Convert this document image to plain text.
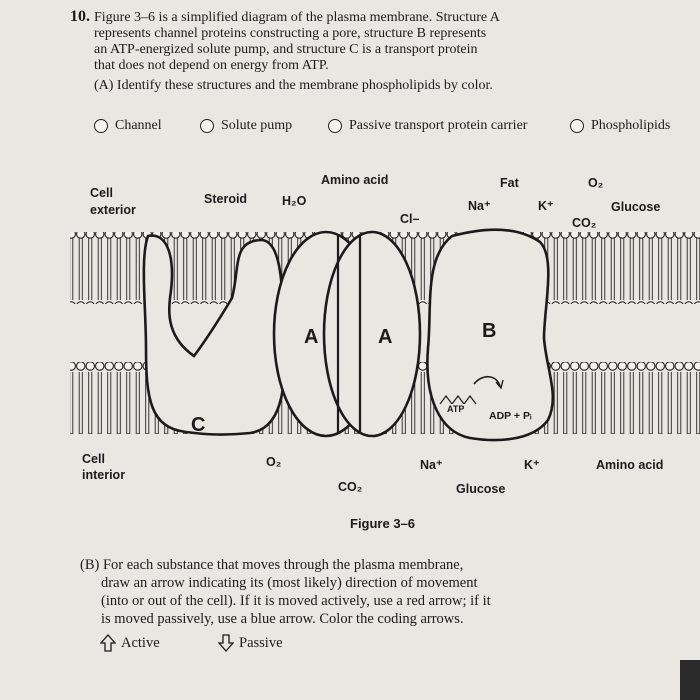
10. Figure 3–6 is a simplified diagram of the plasma membrane. Structure A
represents channel proteins constructing a pore, structure B represents
an ATP-energized solute pump, and structure C is a transport protein
that does not depend on energy from ATP.
(A) Identify these structures and the membrane phospholipids by color.
Channel	Solute pump	Passive transport protein carrier	Phospholipids
Cell
exterior
Steroid	H₂O
Amino acid
Cl–
Fat
Na⁺	K⁺
O₂
Glucose
CO₂
A	A	B
C
ATP
ADP + Pᵢ
Cell
interior
O₂
CO₂
Na⁺
Glucose
K⁺	Amino acid
Figure 3–6
(B) For each substance that moves through the plasma membrane,
draw an arrow indicating its (most likely) direction of movement
(into or out of the cell). If it is moved actively, use a red arrow; if it
is moved passively, use a blue arrow. Color the coding arrows.
Active	Passive
